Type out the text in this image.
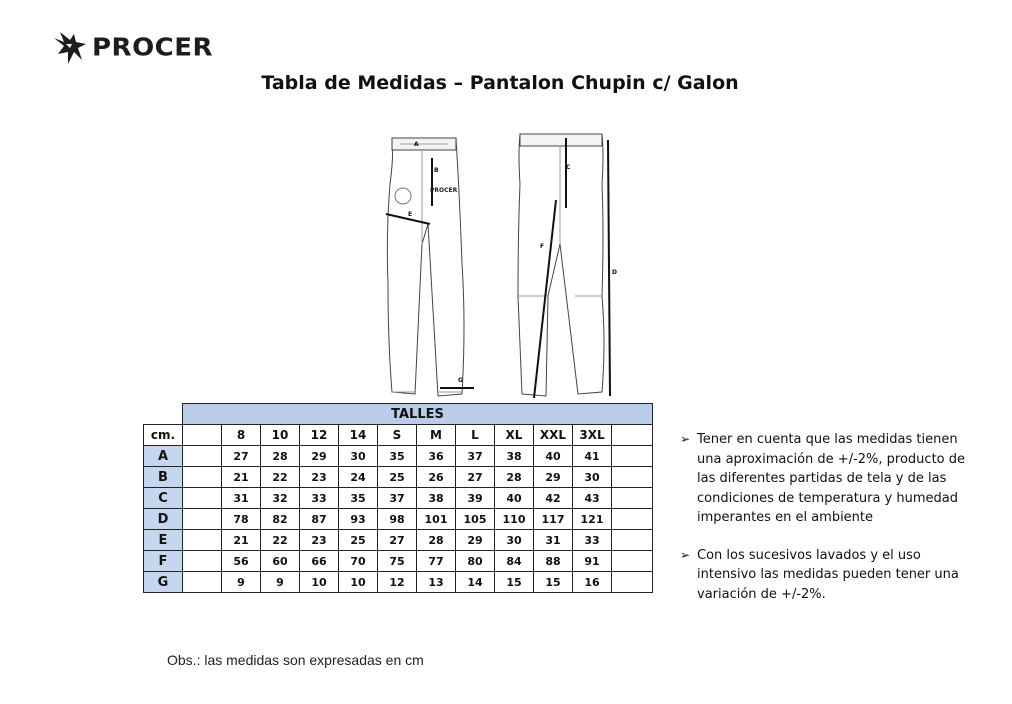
PROCER
Tabla de Medidas – Pantalon Chupin c/ Galon
A
B	C
D
E
F
G
PROCER
	TALLES											
cm.		8	10	12	14	S	M	L	XL	XXL	3XL	
A		27	28	29	30	35	36	37	38	40	41	
B		21	22	23	24	25	26	27	28	29	30	
C		31	32	33	35	37	38	39	40	42	43	
D		78	82	87	93	98	101	105	110	117	121	
E		21	22	23	25	27	28	29	30	31	33	
F		56	60	66	70	75	77	80	84	88	91	
G		9	9	10	10	12	13	14	15	15	16	
➢ Tener en cuenta que las medidas tienen una aproximación de +/-2%, producto de las diferentes partidas de tela y de las condiciones de temperatura y humedad imperantes en el ambiente
➢ Con los sucesivos lavados y el uso intensivo las medidas pueden tener una variación de +/-2%.
Obs.: las medidas son expresadas en cm
